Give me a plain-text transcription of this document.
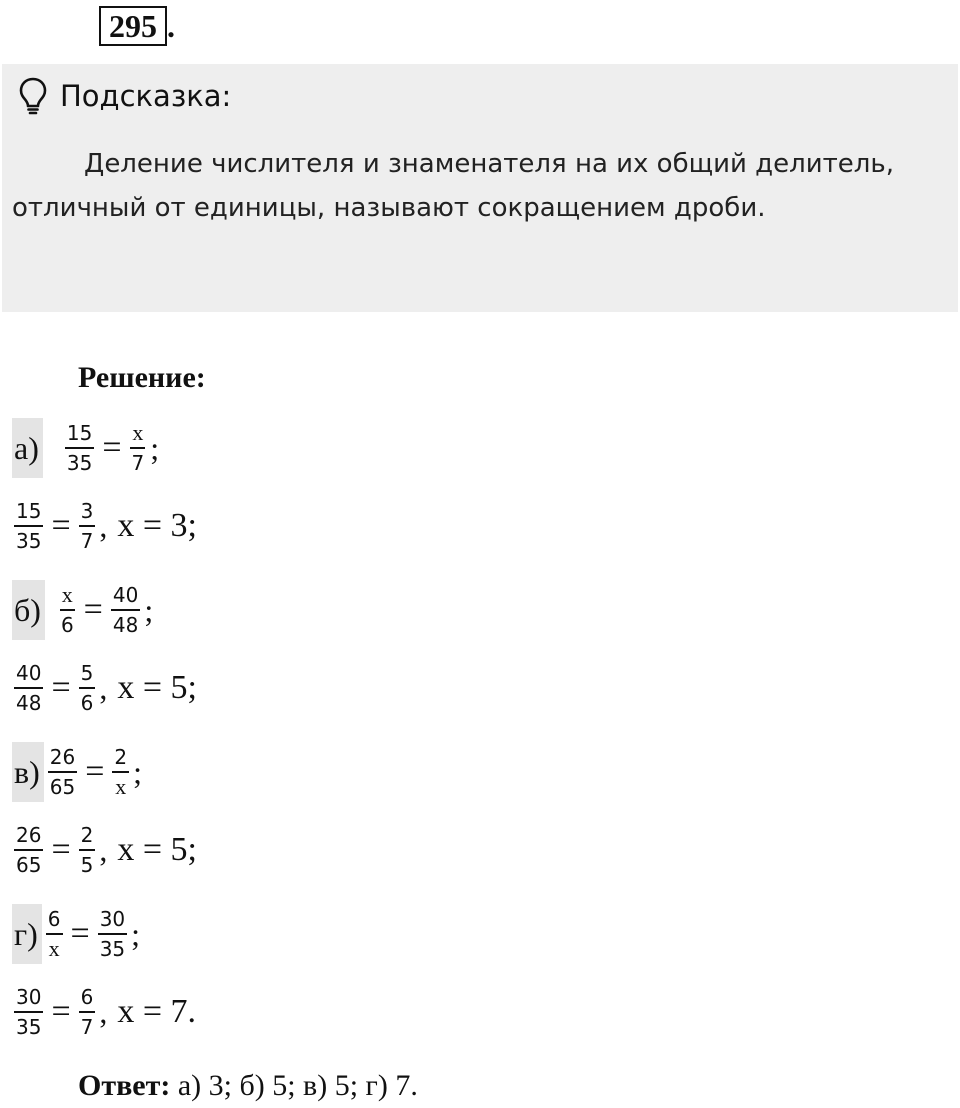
295 .
Подсказка:
Деление числителя и знаменателя на их общий делитель, отличный от единицы, называют сокращением дроби.
Решение:
$а) \frac{15}{35} = \frac{x}{7}$ ;
$\frac{15}{35} = \frac{3}{7}$ , x = 3;
$б) \frac{x}{6} = \frac{40}{48}$ ;
$\frac{40}{48} = \frac{5}{6}$ , x = 5;
$в) \frac{26}{65} = \frac{2}{x}$ ;
$\frac{26}{65} = \frac{2}{5}$ , x = 5;
$г) \frac{6}{x} = \frac{30}{35}$ ;
$\frac{30}{35} = \frac{6}{7}$ , x = 7.
Ответ: а) 3; б) 5; в) 5; г) 7.
